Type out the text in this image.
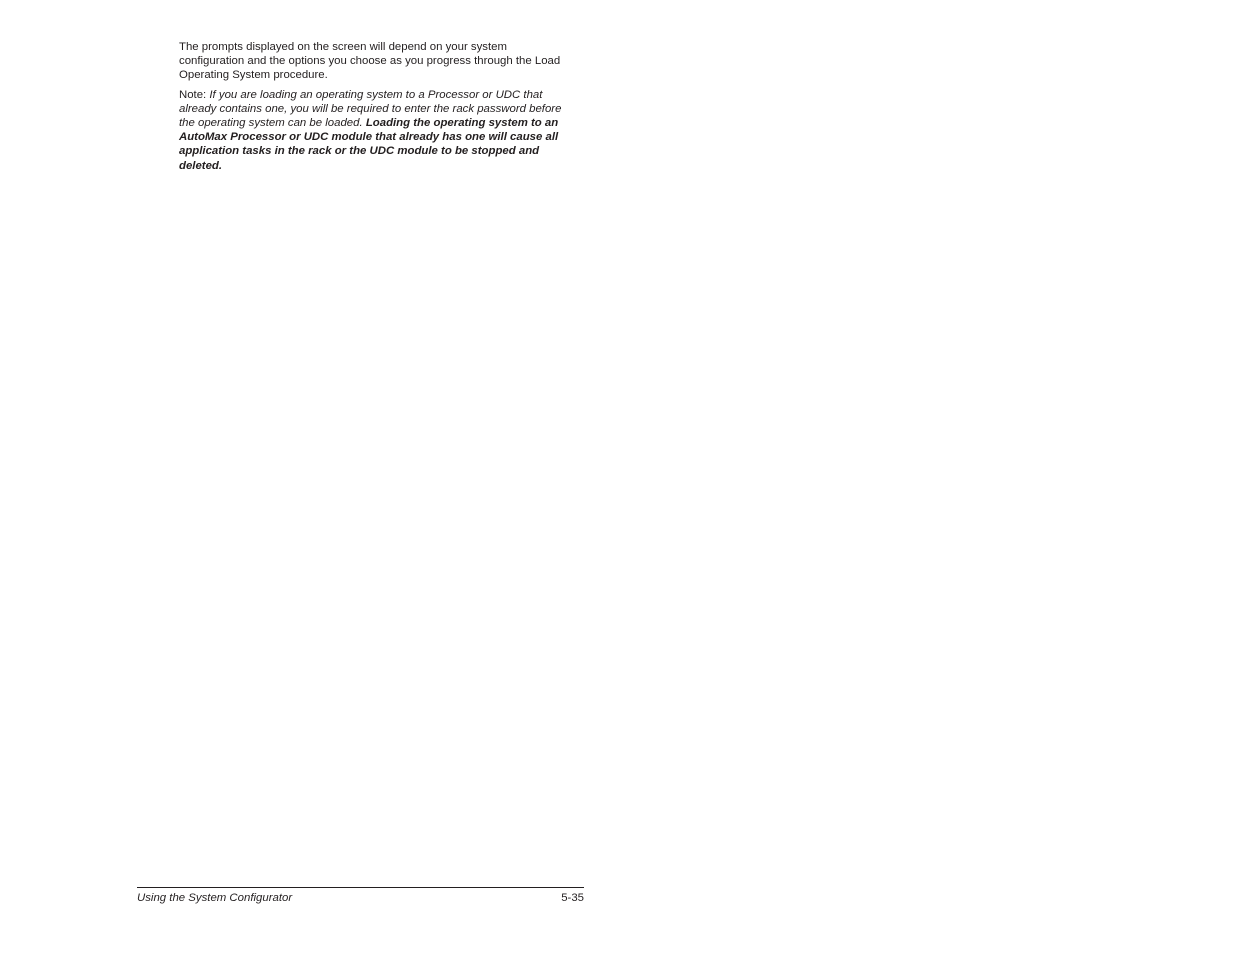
The prompts displayed on the screen will depend on your system configuration and the options you choose as you progress through the Load Operating System procedure.

Note: If you are loading an operating system to a Processor or UDC that already contains one, you will be required to enter the rack password before the operating system can be loaded. Loading the operating system to an AutoMax Processor or UDC module that already has one will cause all application tasks in the rack or the UDC module to be stopped and deleted.

Using the System Configurator	5-35
